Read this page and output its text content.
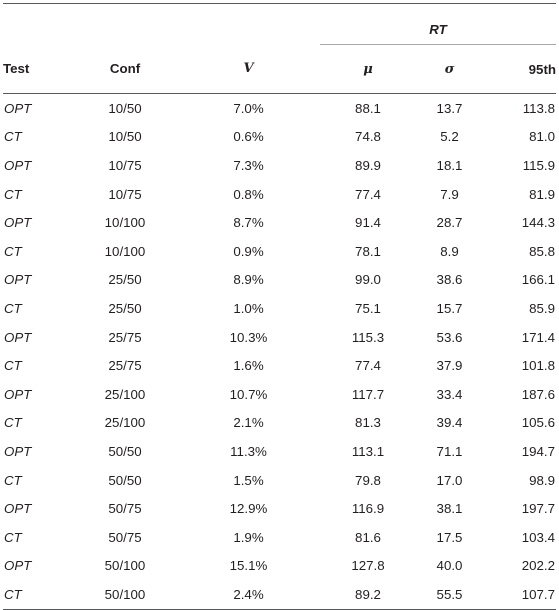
			RT		
Test	Conf	V	μ	σ	95th
OPT	10/50	7.0%	88.1	13.7	113.8
CT	10/50	0.6%	74.8	5.2	81.0
OPT	10/75	7.3%	89.9	18.1	115.9
CT	10/75	0.8%	77.4	7.9	81.9
OPT	10/100	8.7%	91.4	28.7	144.3
CT	10/100	0.9%	78.1	8.9	85.8
OPT	25/50	8.9%	99.0	38.6	166.1
CT	25/50	1.0%	75.1	15.7	85.9
OPT	25/75	10.3%	115.3	53.6	171.4
CT	25/75	1.6%	77.4	37.9	101.8
OPT	25/100	10.7%	117.7	33.4	187.6
CT	25/100	2.1%	81.3	39.4	105.6
OPT	50/50	11.3%	113.1	71.1	194.7
CT	50/50	1.5%	79.8	17.0	98.9
OPT	50/75	12.9%	116.9	38.1	197.7
CT	50/75	1.9%	81.6	17.5	103.4
OPT	50/100	15.1%	127.8	40.0	202.2
CT	50/100	2.4%	89.2	55.5	107.7
